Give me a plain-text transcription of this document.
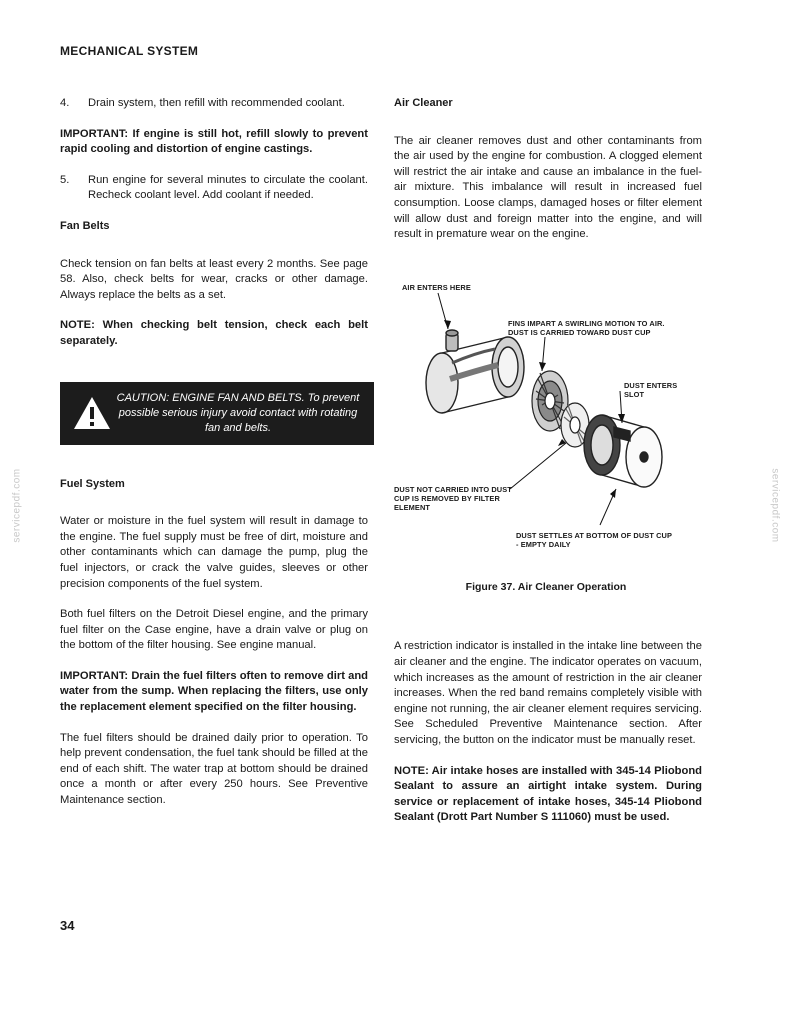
MECHANICAL SYSTEM
servicepdf.com	servicepdf.com
4.	Drain system, then refill with recommended coolant.

IMPORTANT: If engine is still hot, refill slowly to prevent rapid cooling and distortion of engine castings.

5.	Run engine for several minutes to circulate the coolant. Recheck coolant level. Add coolant if needed.
Fan Belts

Check tension on fan belts at least every 2 months. See page 58. Also, check belts for wear, cracks or other damage. Always replace the belts as a set.

NOTE: When checking belt tension, check each belt separately.

CAUTION: ENGINE FAN AND BELTS. To prevent possible serious injury avoid contact with rotating fan and belts.
Fuel System

Water or moisture in the fuel system will result in damage to the engine. The fuel supply must be free of dirt, moisture and other contaminants which can damage the pump, plug the fuel injectors, or crack the valve guides, sleeves or other precision components of the fuel system.

Both fuel filters on the Detroit Diesel engine, and the primary fuel filter on the Case engine, have a drain valve or plug on the bottom of the filter housing. See engine manual.

IMPORTANT: Drain the fuel filters often to remove dirt and water from the sump. When replacing the filters, use only the replacement element specified on the filter housing.

The fuel filters should be drained daily prior to operation. To help prevent condensation, the fuel tank should be filled at the end of each shift. The water trap at bottom should be drained once a month or after every 250 hours. See Preventive Maintenance section.

Air Cleaner

The air cleaner removes dust and other contaminants from the air used by the engine for combustion. A clogged element will restrict the air intake and cause an imbalance in the fuel-air mixture. This imbalance will result in increased fuel consumption. Loose clamps, damaged hoses or filter element will allow dust and foreign matter into the engine, and will result in premature wear on the engine.

AIR ENTERS HERE
FINS IMPART A SWIRLING MOTION TO AIR. DUST IS CARRIED TOWARD DUST CUP
DUST ENTERS SLOT
DUST NOT CARRIED INTO DUST CUP IS REMOVED BY FILTER ELEMENT
DUST SETTLES AT BOTTOM OF DUST CUP - EMPTY DAILY
Figure 37. Air Cleaner Operation

A restriction indicator is installed in the intake line between the air cleaner and the engine. The indicator operates on vacuum, which increases as the amount of restriction in the air cleaner increases. When the red band remains completely visible with engine not running, the air cleaner element requires servicing. See Scheduled Preventive Maintenance section. After servicing, the button on the indicator must be manually reset.

NOTE: Air intake hoses are installed with 345-14 Pliobond Sealant to assure an airtight intake system. During service or replacement of intake hoses, 345-14 Pliobond Sealant (Drott Part Number S 111060) must be used.

34
